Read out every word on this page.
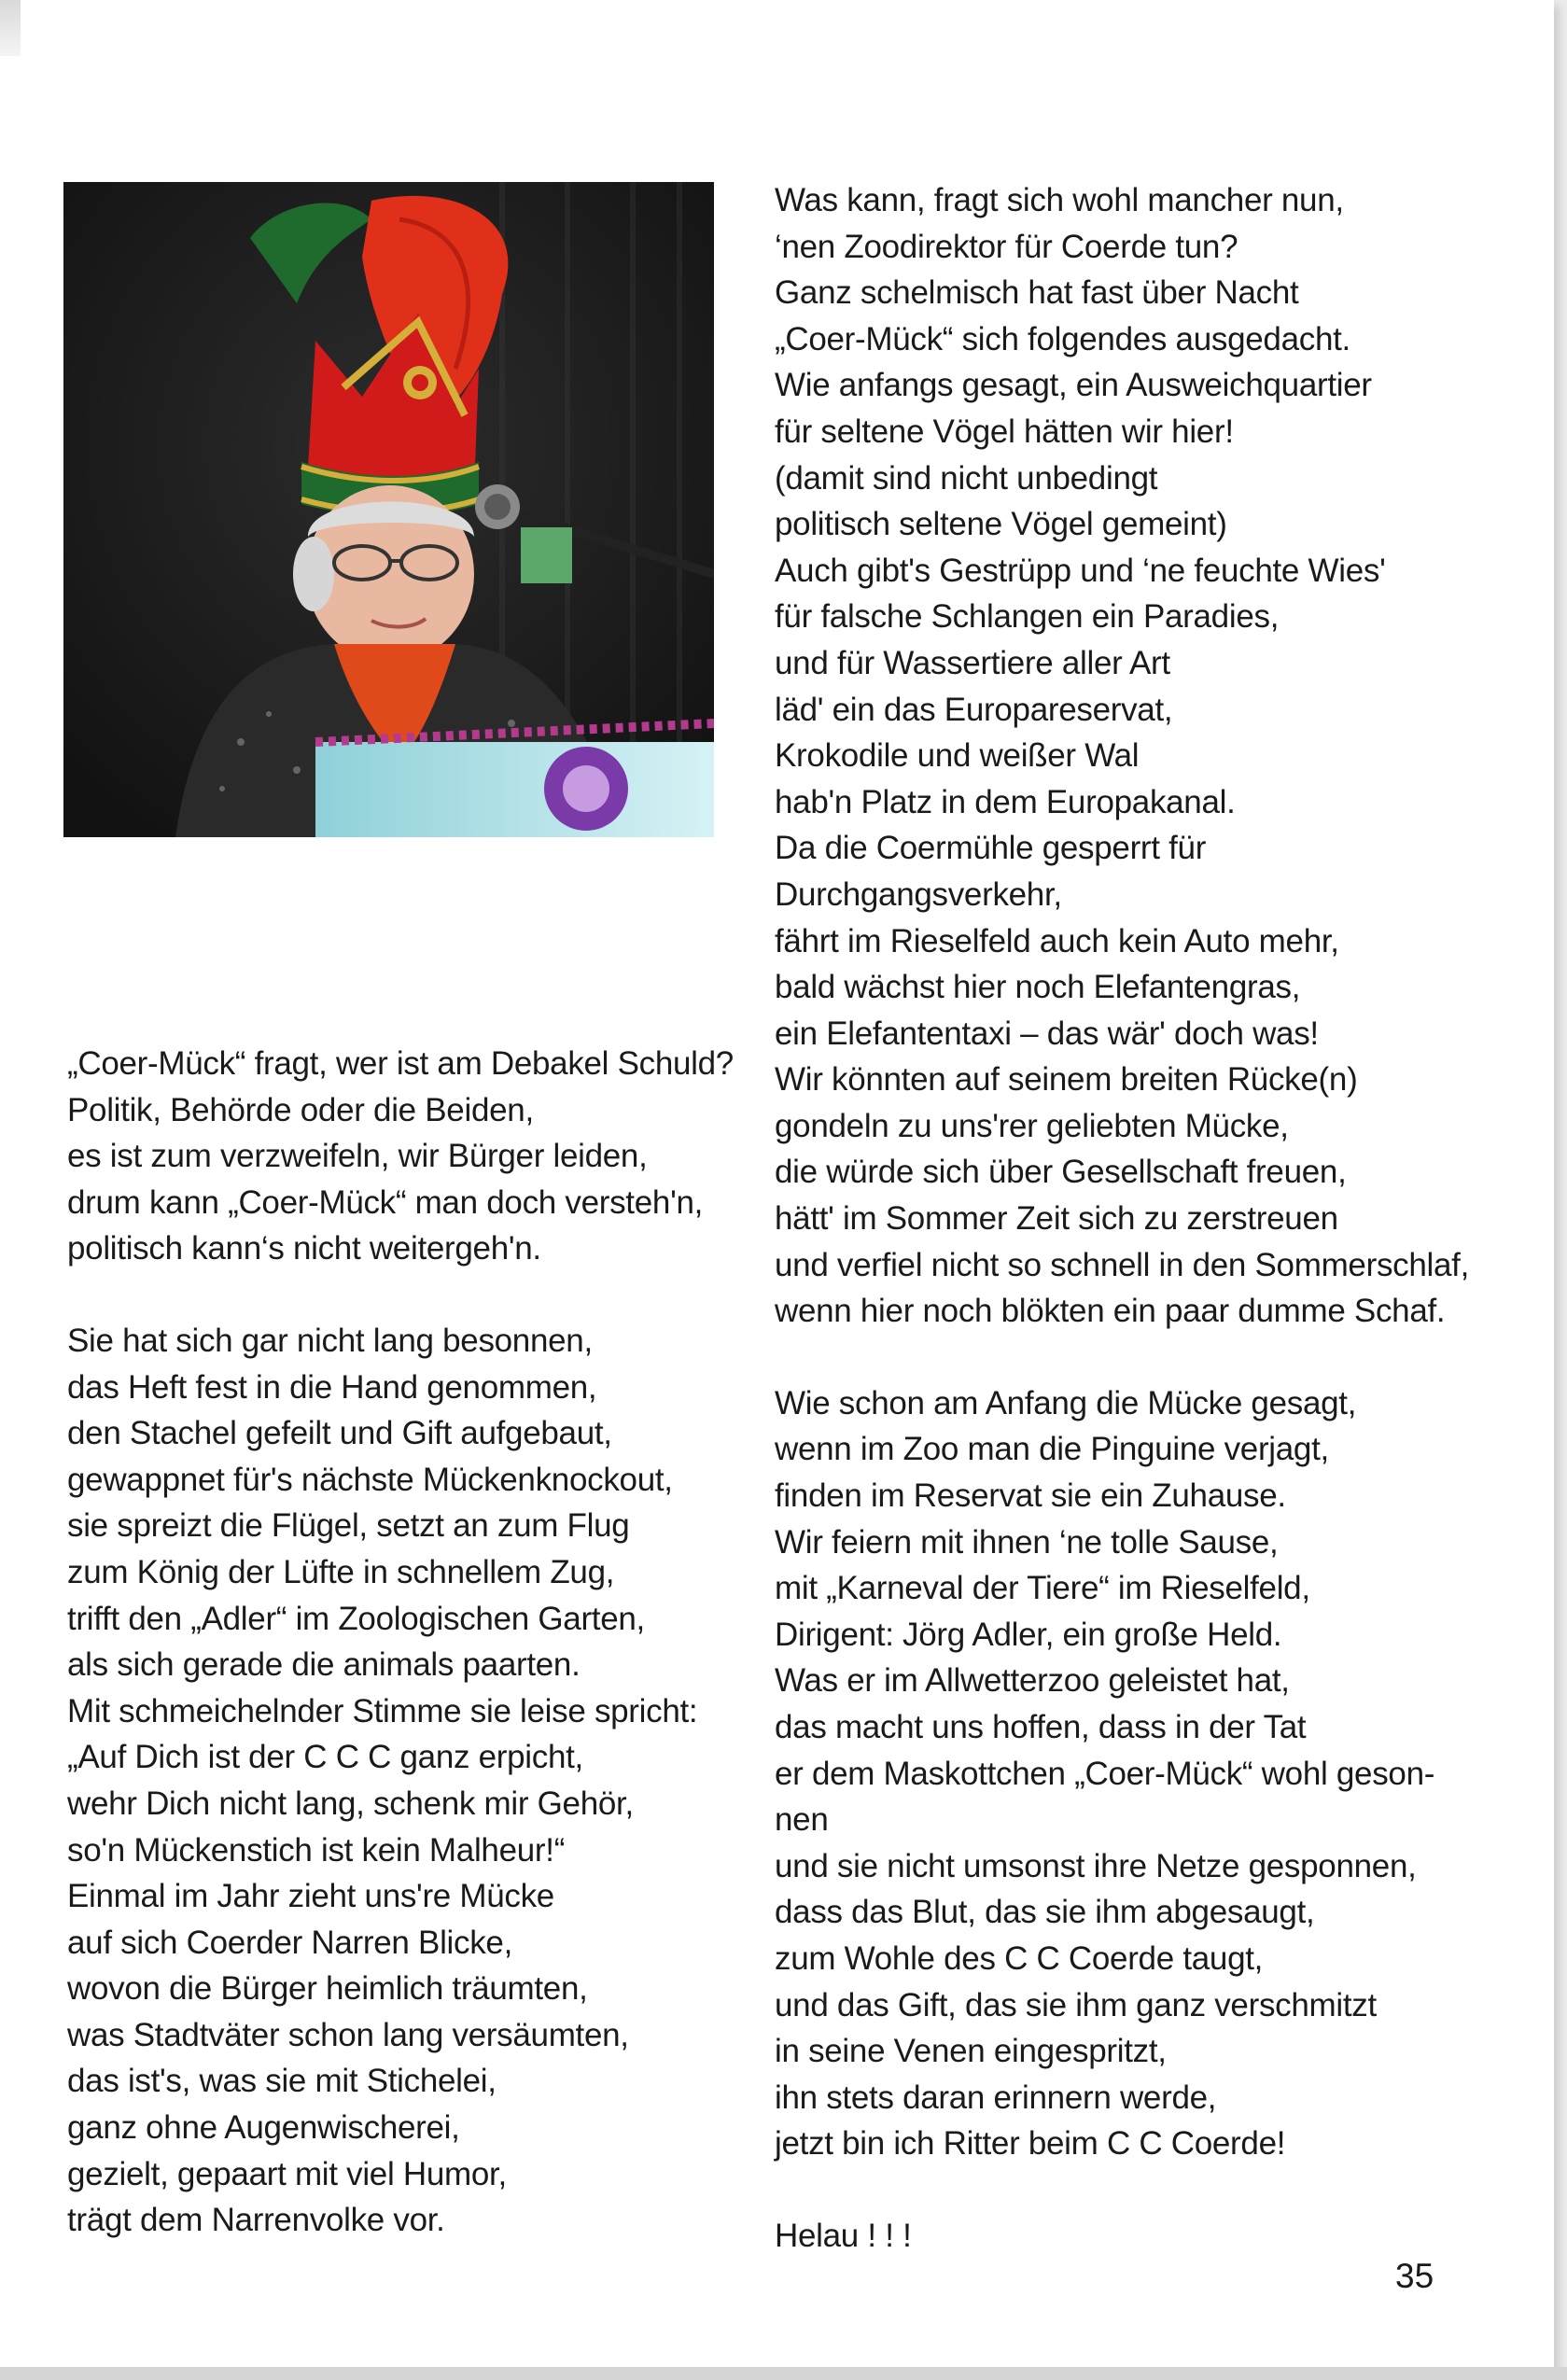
„Coer-Mück“ fragt, wer ist am Debakel Schuld?
Politik, Behörde oder die Beiden,
es ist zum verzweifeln, wir Bürger leiden,
drum kann „Coer-Mück“ man doch versteh'n,
politisch kann‘s nicht weitergeh'n.

Sie hat sich gar nicht lang besonnen,
das Heft fest in die Hand genommen,
den Stachel gefeilt und Gift aufgebaut,
gewappnet für's nächste Mückenknockout,
sie spreizt die Flügel, setzt an zum Flug
zum König der Lüfte in schnellem Zug,
trifft den „Adler“ im Zoologischen Garten,
als sich gerade die animals paarten.
Mit schmeichelnder Stimme sie leise spricht:
„Auf Dich ist der C C C ganz erpicht,
wehr Dich nicht lang, schenk mir Gehör,
so'n Mückenstich ist kein Malheur!“
Einmal im Jahr zieht uns're Mücke
auf sich Coerder Narren Blicke,
wovon die Bürger heimlich träumten,
was Stadtväter schon lang versäumten,
das ist's, was sie mit Stichelei,
ganz ohne Augenwischerei,
gezielt, gepaart mit viel Humor,
trägt dem Narrenvolke vor.

Was kann, fragt sich wohl mancher nun,
‘nen Zoodirektor für Coerde tun?
Ganz schelmisch hat fast über Nacht
„Coer-Mück“ sich folgendes ausgedacht.
Wie anfangs gesagt, ein Ausweichquartier
für seltene Vögel hätten wir hier!
(damit sind nicht unbedingt
politisch seltene Vögel gemeint)
Auch gibt's Gestrüpp und ‘ne feuchte Wies'
für falsche Schlangen ein Paradies,
und für Wassertiere aller Art
läd' ein das Europareservat,
Krokodile und weißer Wal
hab'n Platz in dem Europakanal.
Da die Coermühle gesperrt für
Durchgangsverkehr,
fährt im Rieselfeld auch kein Auto mehr,
bald wächst hier noch Elefantengras,
ein Elefantentaxi – das wär' doch was!
Wir könnten auf seinem breiten Rücke(n)
gondeln zu uns'rer geliebten Mücke,
die würde sich über Gesellschaft freuen,
hätt' im Sommer Zeit sich zu zerstreuen
und verfiel nicht so schnell in den Sommerschlaf,
wenn hier noch blökten ein paar dumme Schaf.

Wie schon am Anfang die Mücke gesagt,
wenn im Zoo man die Pinguine verjagt,
finden im Reservat sie ein Zuhause.
Wir feiern mit ihnen ‘ne tolle Sause,
mit „Karneval der Tiere“ im Rieselfeld,
Dirigent: Jörg Adler, ein große Held.
Was er im Allwetterzoo geleistet hat,
das macht uns hoffen, dass in der Tat
er dem Maskottchen „Coer-Mück“ wohl geson-
nen
und sie nicht umsonst ihre Netze gesponnen,
dass das Blut, das sie ihm abgesaugt,
zum Wohle des C C Coerde taugt,
und das Gift, das sie ihm ganz verschmitzt
in seine Venen eingespritzt,
ihn stets daran erinnern werde,
jetzt bin ich Ritter beim C C Coerde!

Helau ! ! !
35
